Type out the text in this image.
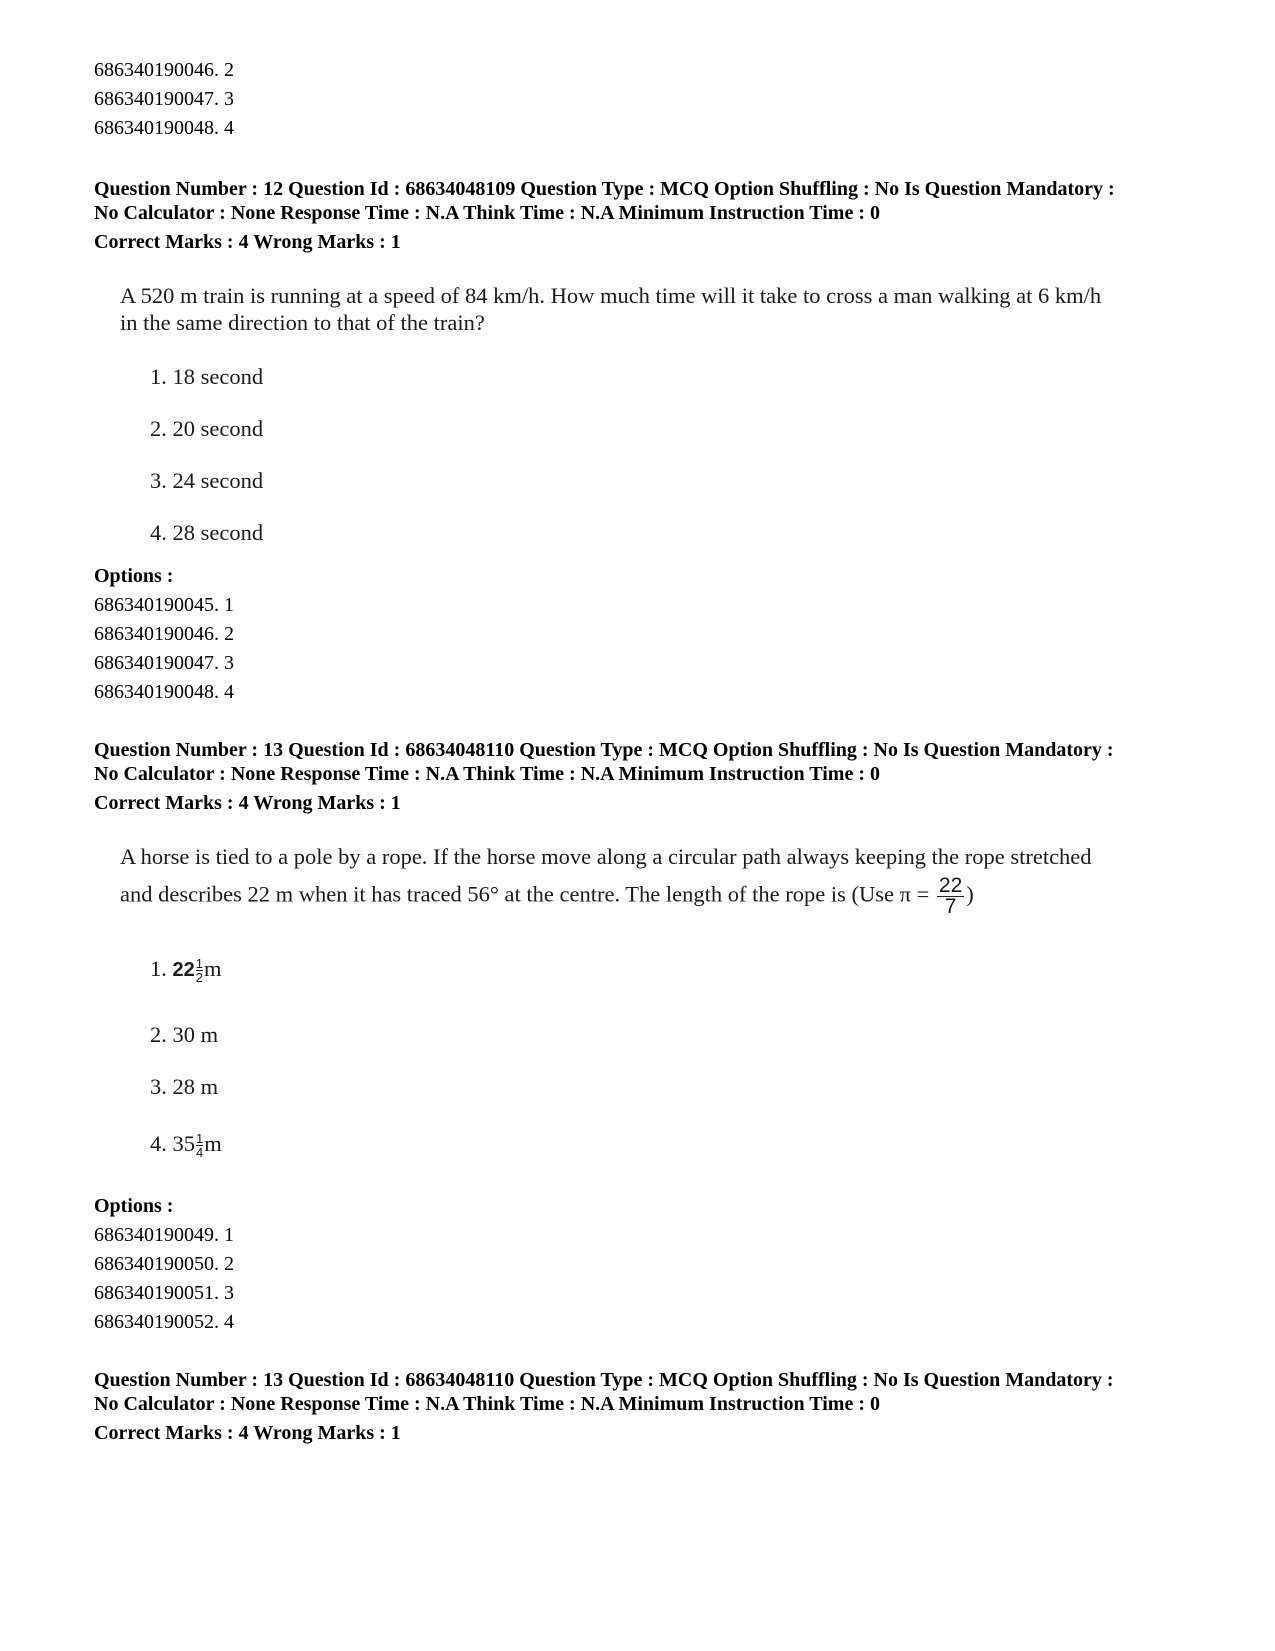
686340190046. 2
686340190047. 3
686340190048. 4
Question Number : 12 Question Id : 68634048109 Question Type : MCQ Option Shuffling : No Is Question Mandatory :
No Calculator : None Response Time : N.A Think Time : N.A Minimum Instruction Time : 0
Correct Marks : 4 Wrong Marks : 1
A 520 m train is running at a speed of 84 km/h. How much time will it take to cross a man walking at 6 km/h
in the same direction to that of the train?
1. 18 second
2. 20 second
3. 24 second
4. 28 second
Options :
686340190045. 1
686340190046. 2
686340190047. 3
686340190048. 4
Question Number : 13 Question Id : 68634048110 Question Type : MCQ Option Shuffling : No Is Question Mandatory :
No Calculator : None Response Time : N.A Think Time : N.A Minimum Instruction Time : 0
Correct Marks : 4 Wrong Marks : 1
A horse is tied to a pole by a rope. If the horse move along a circular path always keeping the rope stretched
and describes 22 m when it has traced 56° at the centre. The length of the rope is (Use $\pi = \frac{22}{7}$ )
1. $22 \frac{1}{2}$ m
2. 30 m
3. 28 m
4. $35 \frac{1}{4}$ m
Options :
686340190049. 1
686340190050. 2
686340190051. 3
686340190052. 4
Question Number : 13 Question Id : 68634048110 Question Type : MCQ Option Shuffling : No Is Question Mandatory :
No Calculator : None Response Time : N.A Think Time : N.A Minimum Instruction Time : 0
Correct Marks : 4 Wrong Marks : 1
